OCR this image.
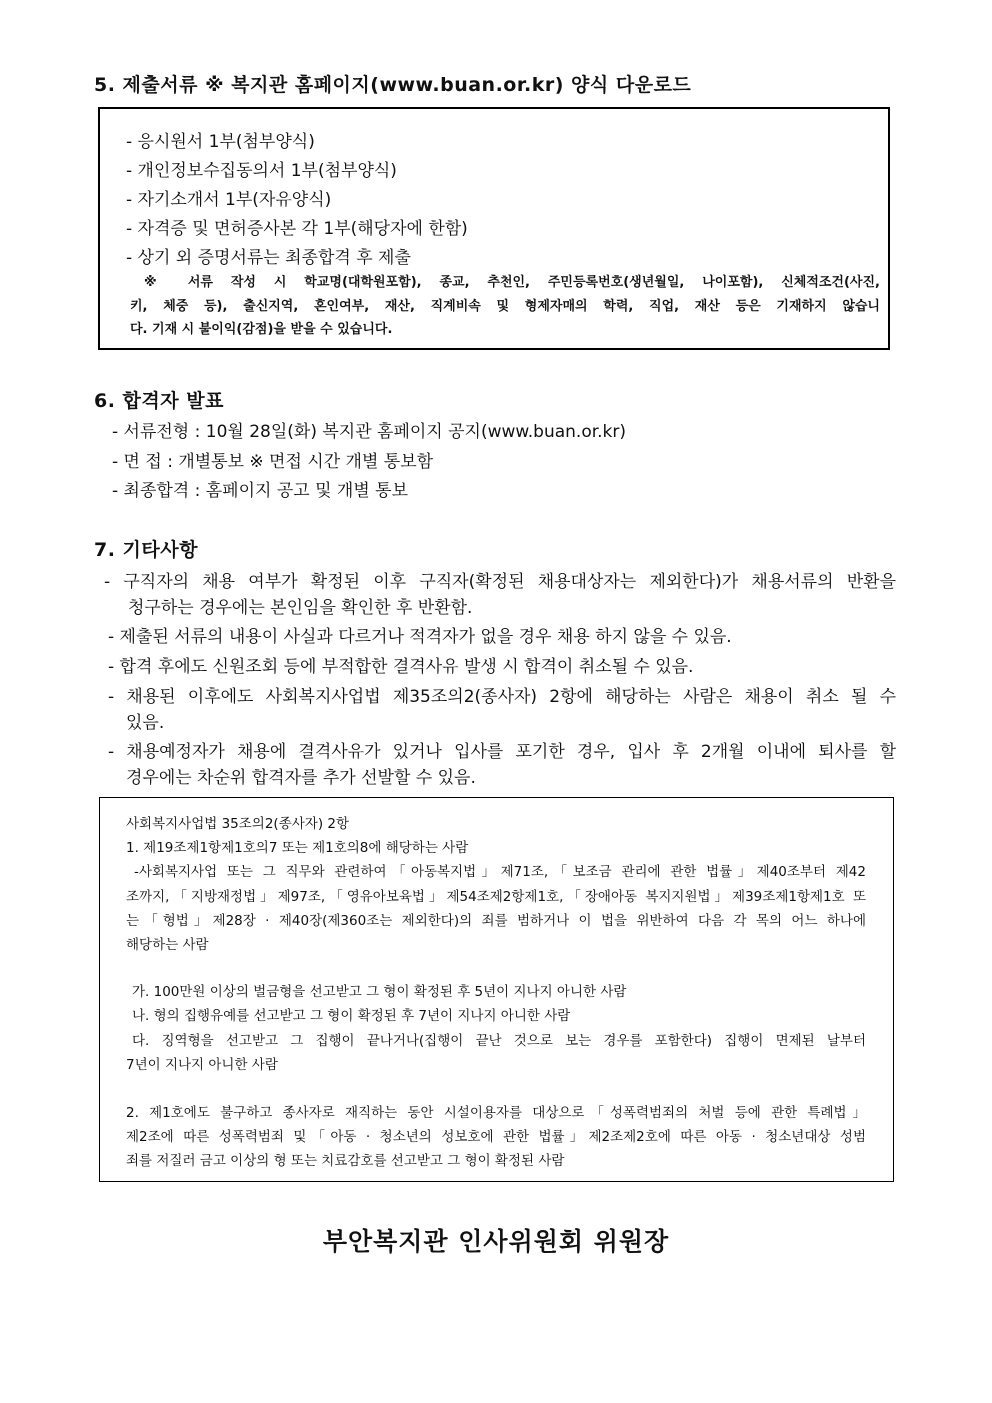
5. 제출서류 ※ 복지관 홈페이지(www.buan.or.kr) 양식 다운로드
- 응시원서 1부(첨부양식)
- 개인정보수집동의서 1부(첨부양식)
- 자기소개서 1부(자유양식)
- 자격증 및 면허증사본 각 1부(해당자에 한함)
- 상기 외 증명서류는 최종합격 후 제출
※ 서류 작성 시 학교명(대학원포함), 종교, 추천인, 주민등록번호(생년월일, 나이포함), 신체적조건(사진,
키, 체중 등), 출신지역, 혼인여부, 재산, 직계비속 및 형제자매의 학력, 직업, 재산 등은 기재하지 않습니
다. 기재 시 불이익(감점)을 받을 수 있습니다.
6. 합격자 발표
- 서류전형 : 10월 28일(화) 복지관 홈페이지 공지(www.buan.or.kr)
- 면 접 : 개별통보 ※ 면접 시간 개별 통보함
- 최종합격 : 홈페이지 공고 및 개별 통보
7. 기타사항
- 구직자의 채용 여부가 확정된 이후 구직자(확정된 채용대상자는 제외한다)가 채용서류의 반환을
청구하는 경우에는 본인임을 확인한 후 반환함.
- 제출된 서류의 내용이 사실과 다르거나 적격자가 없을 경우 채용 하지 않을 수 있음.
- 합격 후에도 신원조회 등에 부적합한 결격사유 발생 시 합격이 취소될 수 있음.
- 채용된 이후에도 사회복지사업법 제35조의2(종사자) 2항에 해당하는 사람은 채용이 취소 될 수
있음.
- 채용예정자가 채용에 결격사유가 있거나 입사를 포기한 경우, 입사 후 2개월 이내에 퇴사를 할
경우에는 차순위 합격자를 추가 선발할 수 있음.
사회복지사업법 35조의2(종사자) 2항
1. 제19조제1항제1호의7 또는 제1호의8에 해당하는 사람
-사회복지사업 또는 그 직무와 관련하여「아동복지법」제71조,「보조금 관리에 관한 법률」제40조부터 제42
조까지,「지방재정법」제97조,「영유아보육법」제54조제2항제1호,「장애아동 복지지원법」제39조제1항제1호 또
는「형법」제28장 · 제40장(제360조는 제외한다)의 죄를 범하거나 이 법을 위반하여 다음 각 목의 어느 하나에
해당하는 사람
가. 100만원 이상의 벌금형을 선고받고 그 형이 확정된 후 5년이 지나지 아니한 사람
나. 형의 집행유예를 선고받고 그 형이 확정된 후 7년이 지나지 아니한 사람
다. 징역형을 선고받고 그 집행이 끝나거나(집행이 끝난 것으로 보는 경우를 포함한다) 집행이 면제된 날부터
7년이 지나지 아니한 사람
2. 제1호에도 불구하고 종사자로 재직하는 동안 시설이용자를 대상으로「성폭력범죄의 처벌 등에 관한 특례법」
제2조에 따른 성폭력범죄 및「아동 · 청소년의 성보호에 관한 법률」제2조제2호에 따른 아동 · 청소년대상 성범
죄를 저질러 금고 이상의 형 또는 치료감호를 선고받고 그 형이 확정된 사람
부안복지관 인사위원회 위원장
